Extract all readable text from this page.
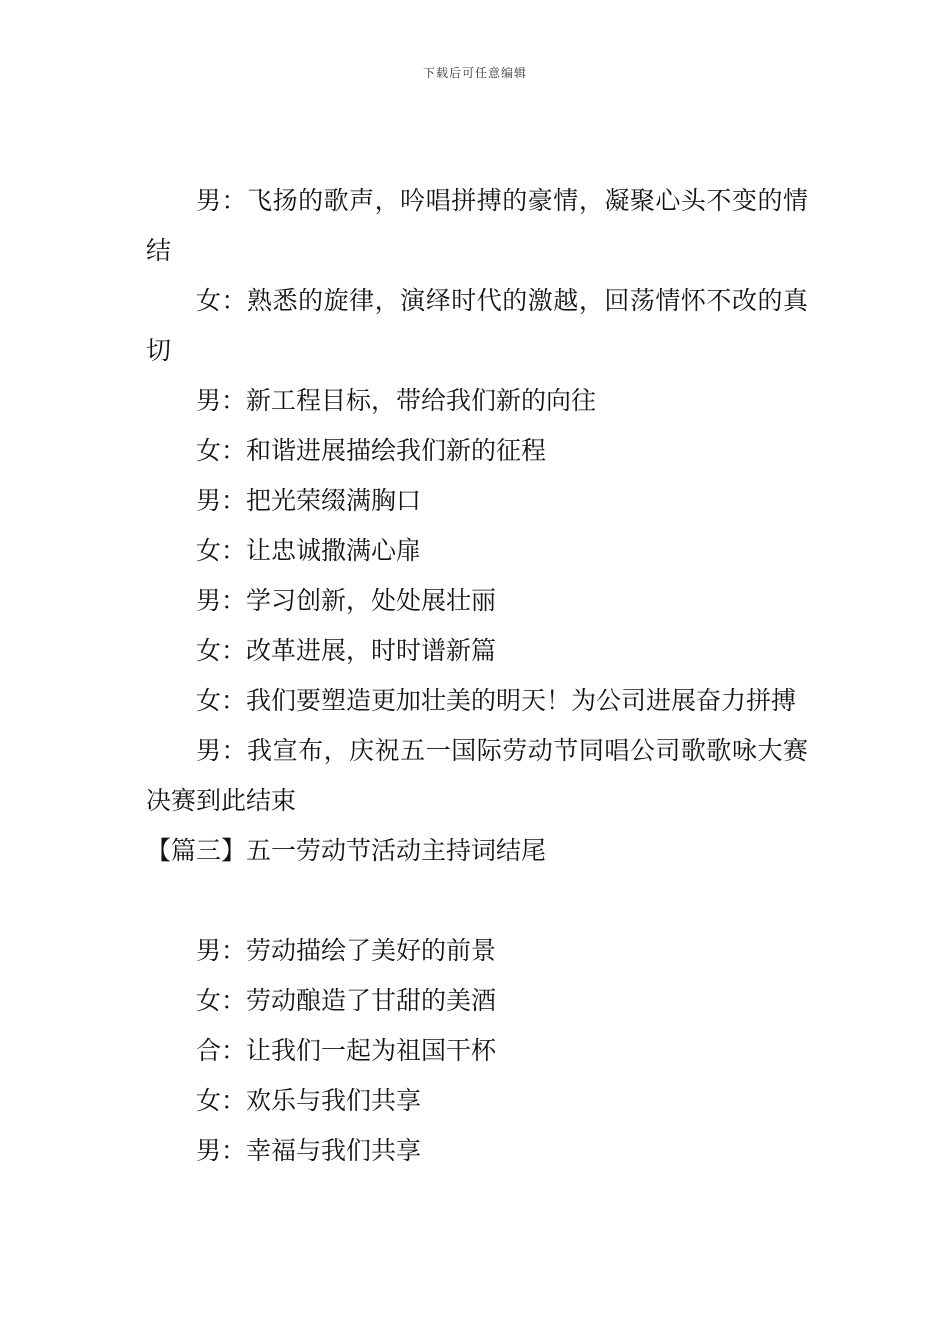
下载后可任意编辑

男：飞扬的歌声，吟唱拼搏的豪情，凝聚心头不变的情结

女：熟悉的旋律，演绎时代的激越，回荡情怀不改的真切

男：新工程目标，带给我们新的向往

女：和谐进展描绘我们新的征程

男：把光荣缀满胸口

女：让忠诚撒满心扉

男：学习创新，处处展壮丽

女：改革进展，时时谱新篇

女：我们要塑造更加壮美的明天！为公司进展奋力拼搏

男：我宣布，庆祝五一国际劳动节同唱公司歌歌咏大赛决赛到此结束

【篇三】五一劳动节活动主持词结尾

男：劳动描绘了美好的前景

女：劳动酿造了甘甜的美酒

合：让我们一起为祖国干杯

女：欢乐与我们共享

男：幸福与我们共享
